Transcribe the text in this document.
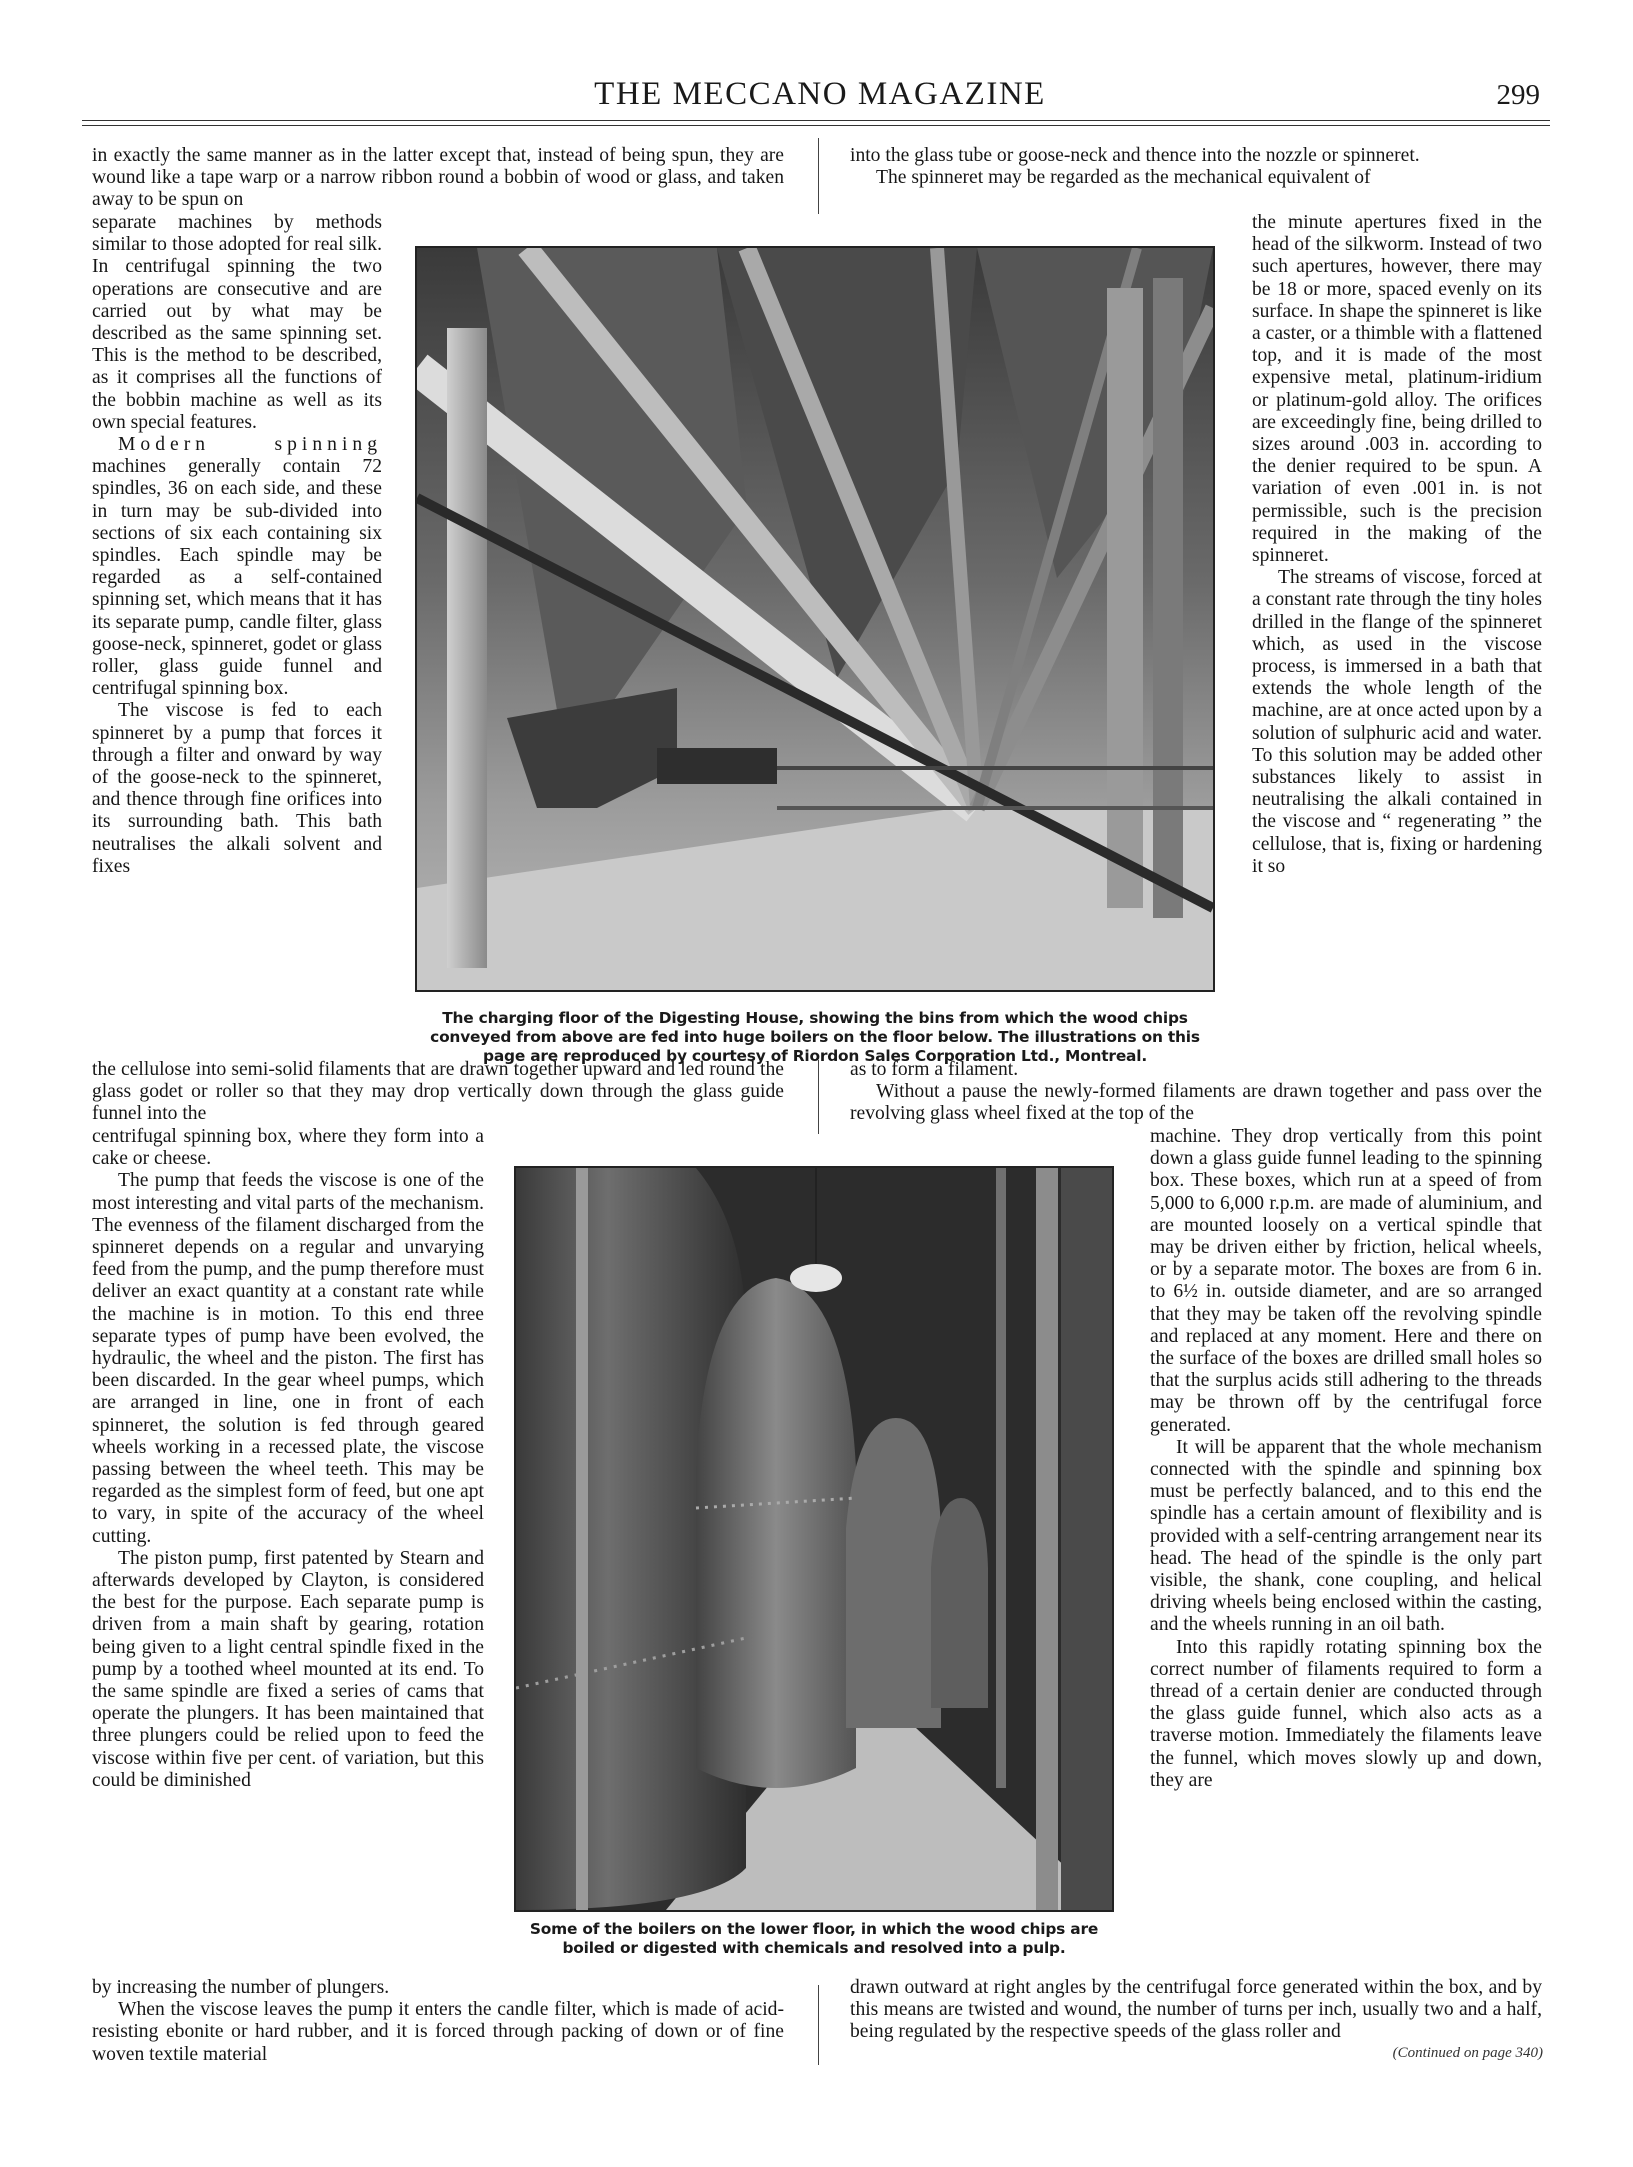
THE MECCANO MAGAZINE	299

in exactly the same manner as in the latter except that, instead of being spun, they are wound like a tape warp or a narrow ribbon round a bobbin of wood or glass, and taken away to be spun on

separate machines by methods similar to those adopted for real silk. In centrifugal spinning the two operations are consecutive and are carried out by what may be described as the same spinning set. This is the method to be described, as it comprises all the functions of the bobbin machine as well as its own special features.

Modern spinning machines generally contain 72 spindles, 36 on each side, and these in turn may be sub-divided into sections of six each containing six spindles. Each spindle may be regarded as a self-contained spinning set, which means that it has its separate pump, candle filter, glass goose-neck, spinneret, godet or glass roller, glass guide funnel and centrifugal spinning box.

The viscose is fed to each spinneret by a pump that forces it through a filter and onward by way of the goose-neck to the spinneret, and thence through fine orifices into its surrounding bath. This bath neutralises the alkali solvent and fixes

the cellulose into semi-solid filaments that are drawn together upward and led round the glass godet or roller so that they may drop vertically down through the glass guide funnel into the

centrifugal spinning box, where they form into a cake or cheese.

The pump that feeds the viscose is one of the most interesting and vital parts of the mechanism. The evenness of the filament discharged from the spinneret depends on a regular and unvarying feed from the pump, and the pump therefore must deliver an exact quantity at a constant rate while the machine is in motion. To this end three separate types of pump have been evolved, the hydraulic, the wheel and the piston. The first has been discarded. In the gear wheel pumps, which are arranged in line, one in front of each spinneret, the solution is fed through geared wheels working in a recessed plate, the viscose passing between the wheel teeth. This may be regarded as the simplest form of feed, but one apt to vary, in spite of the accuracy of the wheel cutting.

The piston pump, first patented by Stearn and afterwards developed by Clayton, is considered the best for the purpose. Each separate pump is driven from a main shaft by gearing, rotation being given to a light central spindle fixed in the pump by a toothed wheel mounted at its end. To the same spindle are fixed a series of cams that operate the plungers. It has been maintained that three plungers could be relied upon to feed the viscose within five per cent. of variation, but this could be diminished

by increasing the number of plungers.

When the viscose leaves the pump it enters the candle filter, which is made of acid-resisting ebonite or hard rubber, and it is forced through packing of down or of fine woven textile material

into the glass tube or goose-neck and thence into the nozzle or spinneret.

The spinneret may be regarded as the mechanical equivalent of

the minute apertures fixed in the head of the silkworm. Instead of two such apertures, however, there may be 18 or more, spaced evenly on its surface. In shape the spinneret is like a caster, or a thimble with a flattened top, and it is made of the most expensive metal, platinum-iridium or platinum-gold alloy. The orifices are exceedingly fine, being drilled to sizes around .003 in. according to the denier required to be spun. A variation of even .001 in. is not permissible, such is the precision required in the making of the spinneret.

The streams of viscose, forced at a constant rate through the tiny holes drilled in the flange of the spinneret which, as used in the viscose process, is immersed in a bath that extends the whole length of the machine, are at once acted upon by a solution of sulphuric acid and water. To this solution may be added other substances likely to assist in neutralising the alkali contained in the viscose and “ regenerating ” the cellulose, that is, fixing or hardening it so

as to form a filament.

Without a pause the newly-formed filaments are drawn together and pass over the revolving glass wheel fixed at the top of the

machine. They drop vertically from this point down a glass guide funnel leading to the spinning box. These boxes, which run at a speed of from 5,000 to 6,000 r.p.m. are made of aluminium, and are mounted loosely on a vertical spindle that may be driven either by friction, helical wheels, or by a separate motor. The boxes are from 6 in. to 6½ in. outside diameter, and are so arranged that they may be taken off the revolving spindle and replaced at any moment. Here and there on the surface of the boxes are drilled small holes so that the surplus acids still adhering to the threads may be thrown off by the centrifugal force generated.

It will be apparent that the whole mechanism connected with the spindle and spinning box must be perfectly balanced, and to this end the spindle has a certain amount of flexibility and is provided with a self-centring arrangement near its head. The head of the spindle is the only part visible, the shank, cone coupling, and helical driving wheels being enclosed within the casting, and the wheels running in an oil bath.

Into this rapidly rotating spinning box the correct number of filaments required to form a thread of a certain denier are conducted through the glass guide funnel, which also acts as a traverse motion. Immediately the filaments leave the funnel, which moves slowly up and down, they are

drawn outward at right angles by the centrifugal force generated within the box, and by this means are twisted and wound, the number of turns per inch, usually two and a half, being regulated by the respective speeds of the glass roller and

(Continued on page 340)
The charging floor of the Digesting House, showing the bins from which the wood chips conveyed from above are fed into huge boilers on the floor below. The illustrations on this page are reproduced by courtesy of Riordon Sales Corporation Ltd., Montreal.
Some of the boilers on the lower floor, in which the wood chips are boiled or digested with chemicals and resolved into a pulp.
